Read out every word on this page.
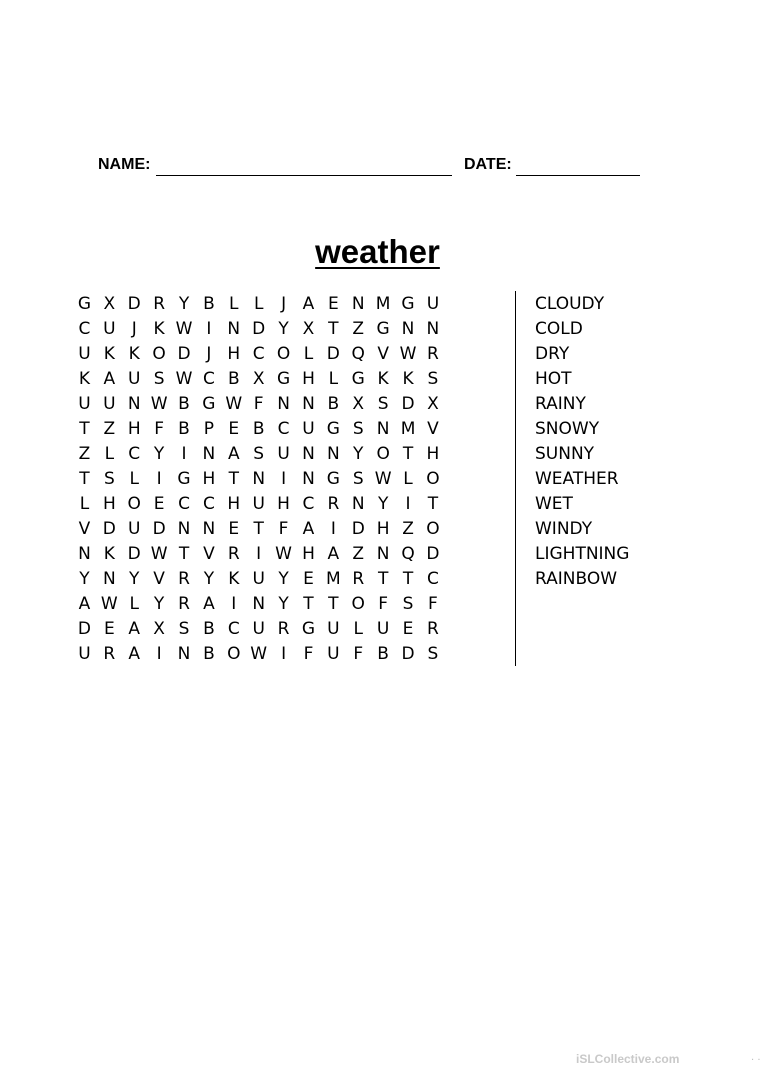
NAME:	DATE:
weather
G X D R Y B L L	J A E N M G U
C U J K W I N D Y X T Z G N N
U K K O D J H C O L D Q V W R
K A U S W C B X G H L G K K S
U U N W B G W F N N B X S D X
T Z H F B P E B C U G S N M V
Z L C Y	I N A S U N N Y O T H
T S L	I G H T N I N G S W L O
L H O E C C H U H C R N Y	I	T
V D U D N N E T F A I D H Z O
N K D W T V R I W H A Z N Q D
Y N Y V R Y K U Y E M R T T C
A W L Y R A I N Y T T O F S F
D E A X S B C U R G U L U E R
U R A I N B O W I	F U F B D S
CLOUDY
COLD
DRY
HOT
RAINY
SNOWY
SUNNY
WEATHER
WET
WINDY
LIGHTNING
RAINBOW
iSLCollective.com	. .
